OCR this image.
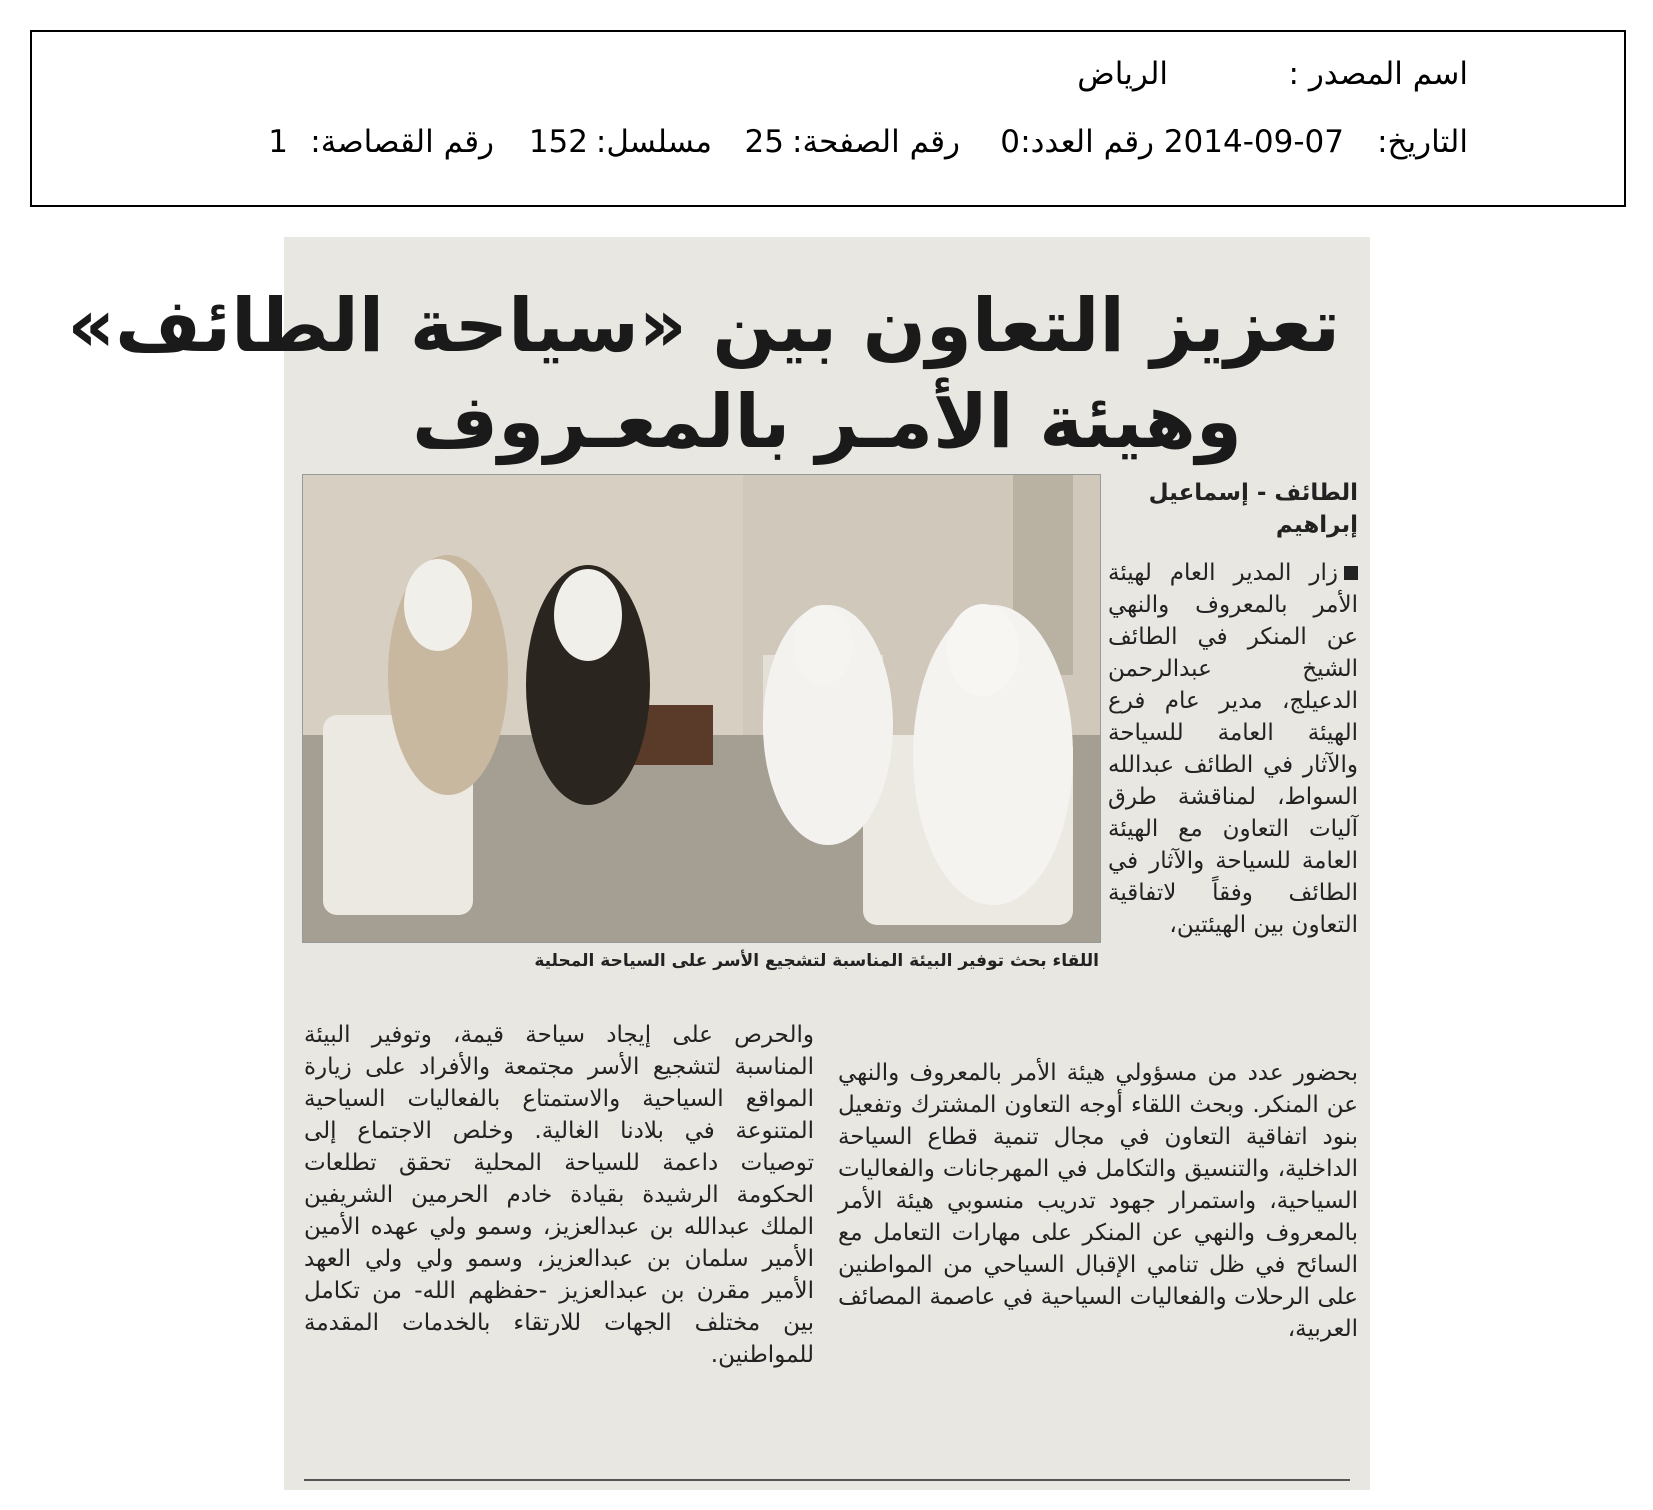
اسم المصدر :
الرياض
التاريخ:
2014-09-07
رقم العدد:
0
رقم الصفحة:
25
مسلسل:
152
رقم القصاصة:
1
تعزيز التعاون بين «سياحة الطائف»
وهيئة الأمـر بالمعـروف
الطائف - إسماعيل إبراهيم
زار المدير العام لهيئة الأمر بالمعروف والنهي عن المنكر في الطائف الشيخ عبدالرحمن الدعيلج، مدير عام فرع الهيئة العامة للسياحة والآثار في الطائف عبدالله السواط، لمناقشة طرق آليات التعاون مع الهيئة العامة للسياحة والآثار في الطائف وفقاً لاتفاقية التعاون بين الهيئتين،
اللقاء بحث توفير البيئة المناسبة لتشجيع الأسر على السياحة المحلية
بحضور عدد من مسؤولي هيئة الأمر بالمعروف والنهي عن المنكر. وبحث اللقاء أوجه التعاون المشترك وتفعيل بنود اتفاقية التعاون في مجال تنمية قطاع السياحة الداخلية، والتنسيق والتكامل في المهرجانات والفعاليات السياحية، واستمرار جهود تدريب منسوبي هيئة الأمر بالمعروف والنهي عن المنكر على مهارات التعامل مع السائح في ظل تنامي الإقبال السياحي من المواطنين على الرحلات والفعاليات السياحية في عاصمة المصائف العربية،
والحرص على إيجاد سياحة قيمة، وتوفير البيئة المناسبة لتشجيع الأسر مجتمعة والأفراد على زيارة المواقع السياحية والاستمتاع بالفعاليات السياحية المتنوعة في بلادنا الغالية. وخلص الاجتماع إلى توصيات داعمة للسياحة المحلية تحقق تطلعات الحكومة الرشيدة بقيادة خادم الحرمين الشريفين الملك عبدالله بن عبدالعزيز، وسمو ولي عهده الأمين الأمير سلمان بن عبدالعزيز، وسمو ولي ولي العهد الأمير مقرن بن عبدالعزيز -حفظهم الله- من تكامل بين مختلف الجهات للارتقاء بالخدمات المقدمة للمواطنين.
